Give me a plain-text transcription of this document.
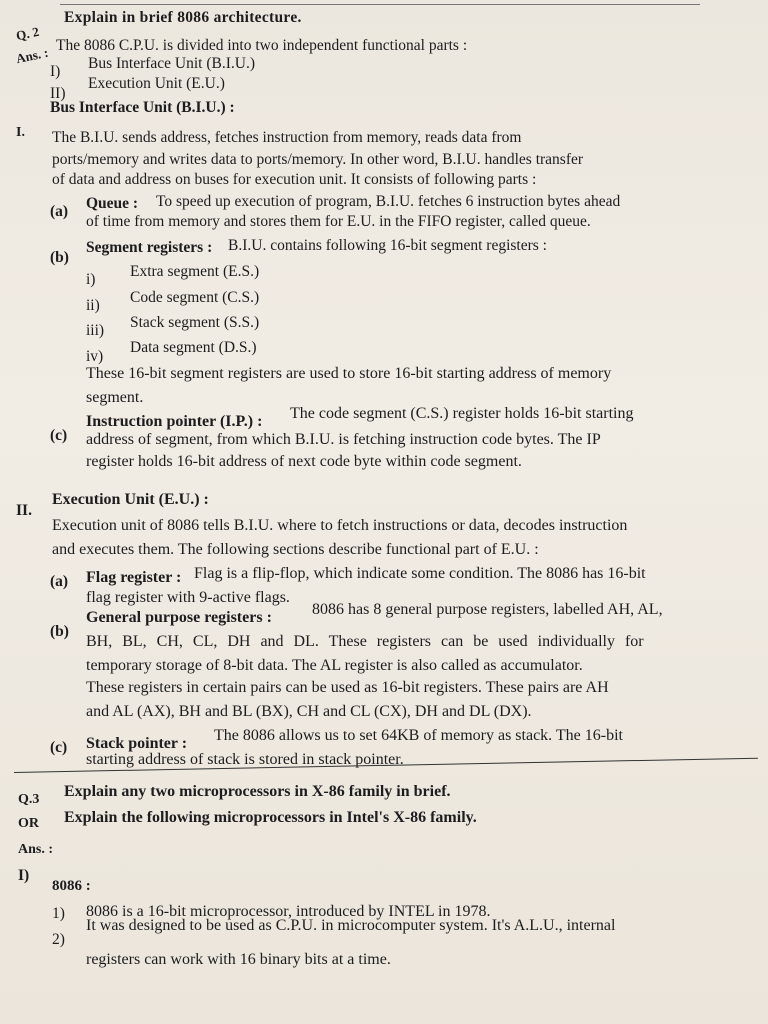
Q. 2
Explain in brief 8086 architecture.
Ans. : The 8086 C.P.U. is divided into two independent functional parts :
I) Bus Interface Unit (B.I.U.)
II)
Execution Unit (E.U.)
Bus Interface Unit (B.I.U.) :
I. The B.I.U. sends address, fetches instruction from memory, reads data from
ports/memory and writes data to ports/memory. In other word, B.I.U. handles transfer
of data and address on buses for execution unit. It consists of following parts :
(a) Queue : To speed up execution of program, B.I.U. fetches 6 instruction bytes ahead
of time from memory and stores them for E.U. in the FIFO register, called queue.
(b)
Segment registers : B.I.U. contains following 16-bit segment registers :
i) Extra segment (E.S.)
ii) Code segment (C.S.)
iii) Stack segment (S.S.)
iv)
Data segment (D.S.)
These 16-bit segment registers are used to store 16-bit starting address of memory
segment.
(c)
Instruction pointer (I.P.) : The code segment (C.S.) register holds 16-bit starting
address of segment, from which B.I.U. is fetching instruction code bytes. The IP
register holds 16-bit address of next code byte within code segment.
II.
Execution Unit (E.U.) :
Execution unit of 8086 tells B.I.U. where to fetch instructions or data, decodes instruction
and executes them. The following sections describe functional part of E.U. :
(a) Flag register : Flag is a flip-flop, which indicate some condition. The 8086 has 16-bit
flag register with 9-active flags.
(b)
General purpose registers :	8086 has 8 general purpose registers, labelled AH, AL,
BH, BL, CH, CL, DH and DL. These registers can be used individually for
temporary storage of 8-bit data. The AL register is also called as accumulator.
These registers in certain pairs can be used as 16-bit registers. These pairs are AH
and AL (AX), BH and BL (BX), CH and CL (CX), DH and DL (DX).
(c) Stack pointer : The 8086 allows us to set 64KB of memory as stack. The 16-bit
starting address of stack is stored in stack pointer.
Q.3 Explain any two microprocessors in X-86 family in brief.
OR Explain the following microprocessors in Intel's X-86 family.
Ans. :
I)
8086 :
1) 8086 is a 16-bit microprocessor, introduced by INTEL in 1978.
2)
It was designed to be used as C.P.U. in microcomputer system. It's A.L.U., internal
registers can work with 16 binary bits at a time.
